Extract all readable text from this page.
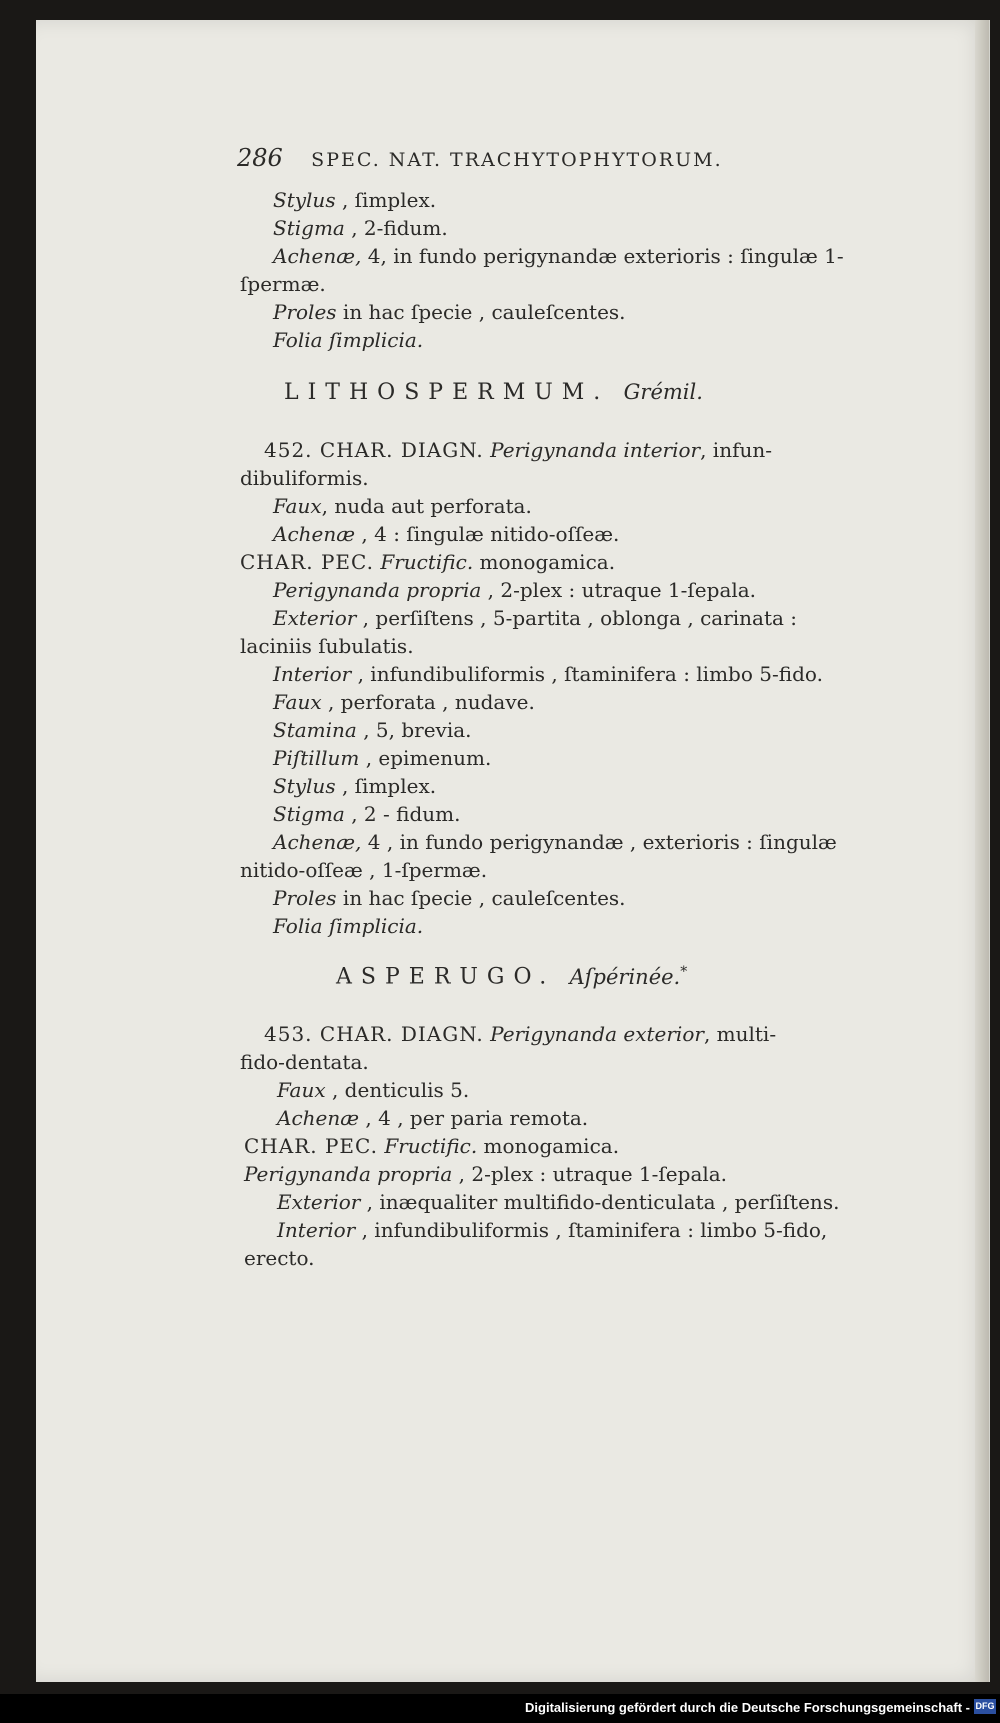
286 SPEC. NAT. TRACHYTOPHYTORUM.
Stylus , ſimplex.
Stigma , 2-fidum.
Achenæ, 4, in fundo perigynandæ exterioris : ſingulæ 1-
ſpermæ.
Proles in hac ſpecie , cauleſcentes.
Folia ſimplicia.
LITHOSPERMUM. Grémil.
452. CHAR. DIAGN. Perigynanda interior, infun-
dibuliformis.
Faux, nuda aut perforata.
Achenæ , 4 : ſingulæ nitido-oſſeæ.
CHAR. PEC. Fructific. monogamica.
Perigynanda propria , 2-plex : utraque 1-ſepala.
Exterior , perſiſtens , 5-partita , oblonga , carinata :
laciniis ſubulatis.
Interior , infundibuliformis , ſtaminifera : limbo 5-fido.
Faux , perforata , nudave.
Stamina , 5, brevia.
Piſtillum , epimenum.
Stylus , ſimplex.
Stigma , 2 - fidum.
Achenæ, 4 , in fundo perigynandæ , exterioris : ſingulæ
nitido-oſſeæ , 1-ſpermæ.
Proles in hac ſpecie , cauleſcentes.
Folia ſimplicia.
ASPERUGO. Aſpérinée.*
453. CHAR. DIAGN. Perigynanda exterior, multi-
fido-dentata.
Faux , denticulis 5.
Achenæ , 4 , per paria remota.
CHAR. PEC. Fructific. monogamica.
Perigynanda propria , 2-plex : utraque 1-ſepala.
Exterior , inæqualiter multifido-denticulata , perſiſtens.
Interior , infundibuliformis , ſtaminifera : limbo 5-fido,
erecto.
Digitalisierung gefördert durch die Deutsche Forschungsgemeinschaft - DFG
